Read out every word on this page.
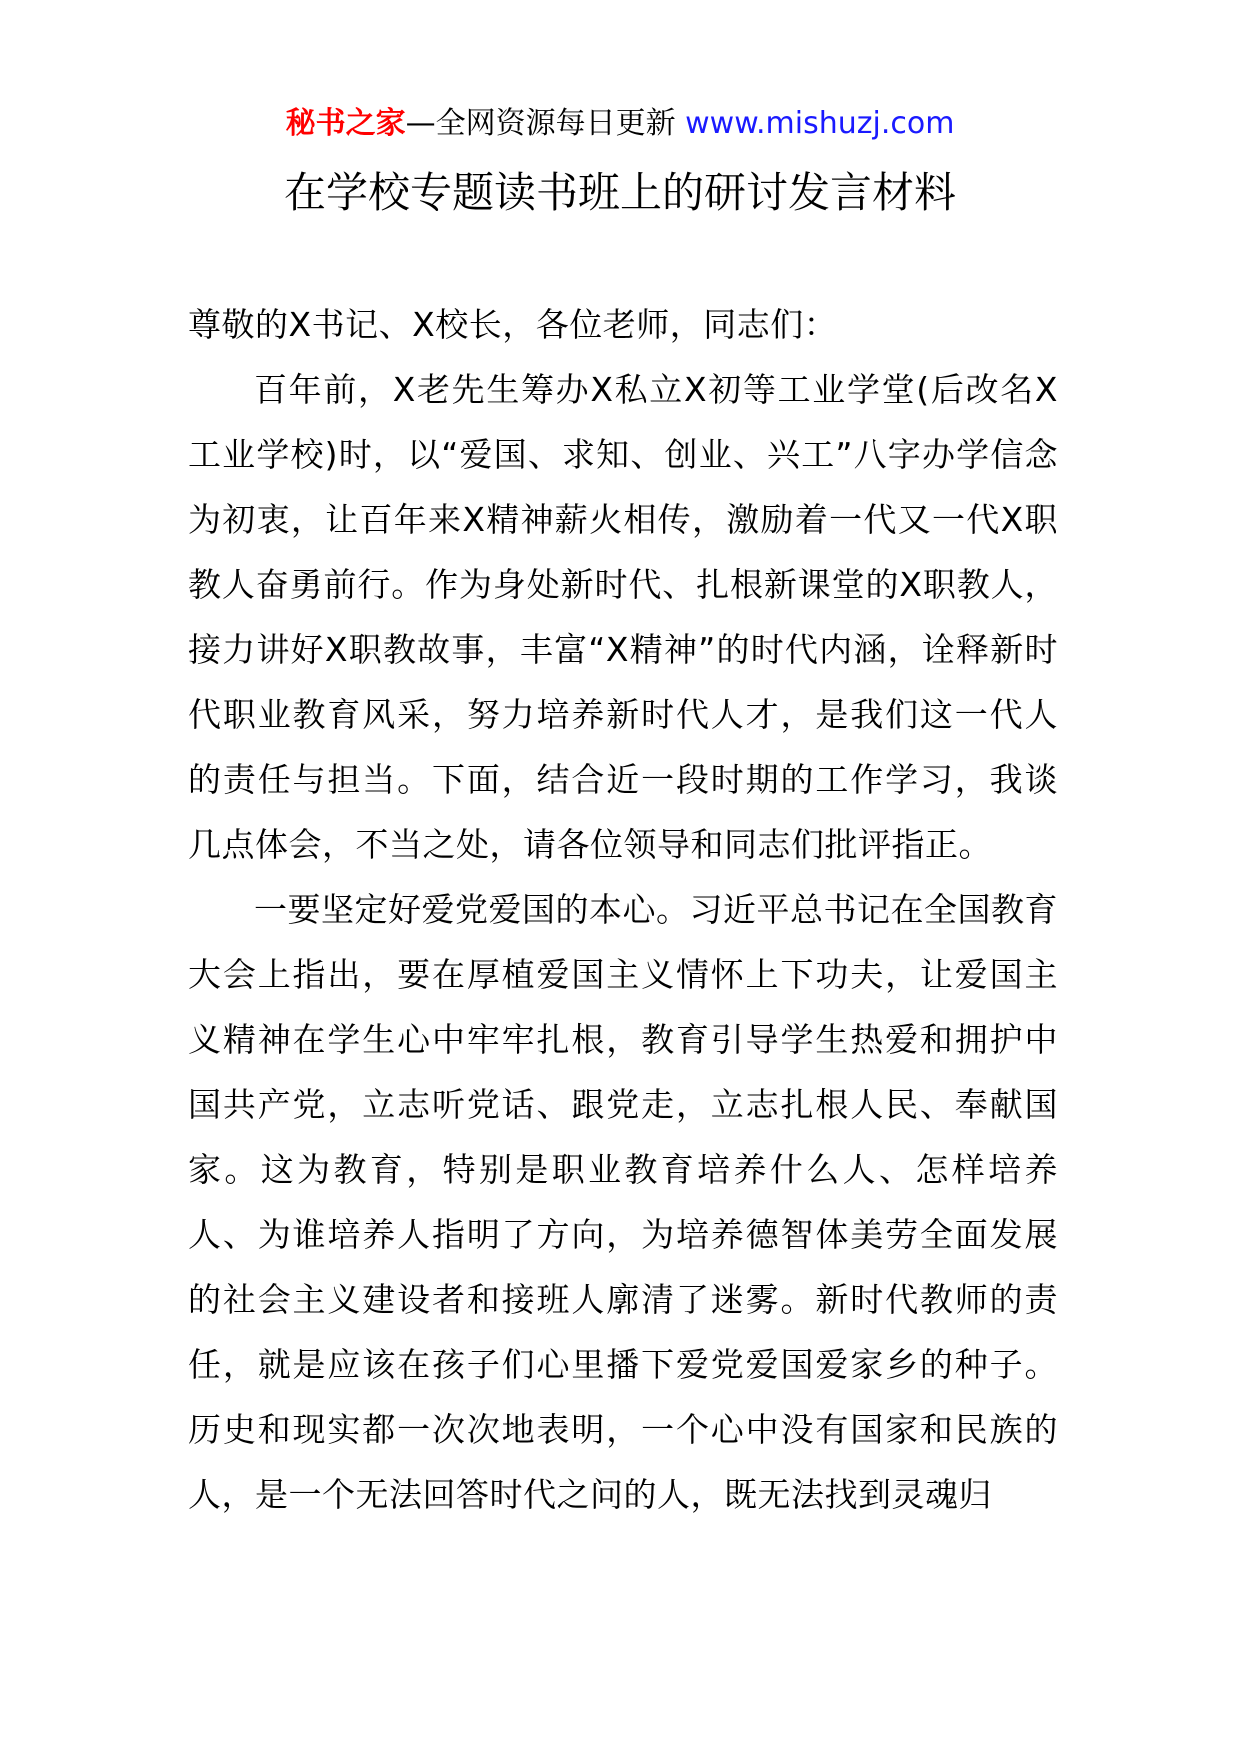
秘书之家—全网资源每日更新 www.mishuzj.com
在学校专题读书班上的研讨发言材料

尊敬的X书记、X校长，各位老师，同志们：

百年前，X老先生筹办X私立X初等工业学堂(后改名X工业学校)时，以“爱国、求知、创业、兴工”八字办学信念为初衷，让百年来X精神薪火相传，激励着一代又一代X职教人奋勇前行。作为身处新时代、扎根新课堂的X职教人，接力讲好X职教故事，丰富“X精神”的时代内涵，诠释新时代职业教育风采，努力培养新时代人才，是我们这一代人的责任与担当。下面，结合近一段时期的工作学习，我谈几点体会，不当之处，请各位领导和同志们批评指正。

一要坚定好爱党爱国的本心。习近平总书记在全国教育大会上指出，要在厚植爱国主义情怀上下功夫，让爱国主义精神在学生心中牢牢扎根，教育引导学生热爱和拥护中国共产党，立志听党话、跟党走，立志扎根人民、奉献国家。这为教育，特别是职业教育培养什么人、怎样培养人、为谁培养人指明了方向，为培养德智体美劳全面发展的社会主义建设者和接班人廓清了迷雾。新时代教师的责任，就是应该在孩子们心里播下爱党爱国爱家乡的种子。历史和现实都一次次地表明，一个心中没有国家和民族的人，是一个无法回答时代之问的人，既无法找到灵魂归
